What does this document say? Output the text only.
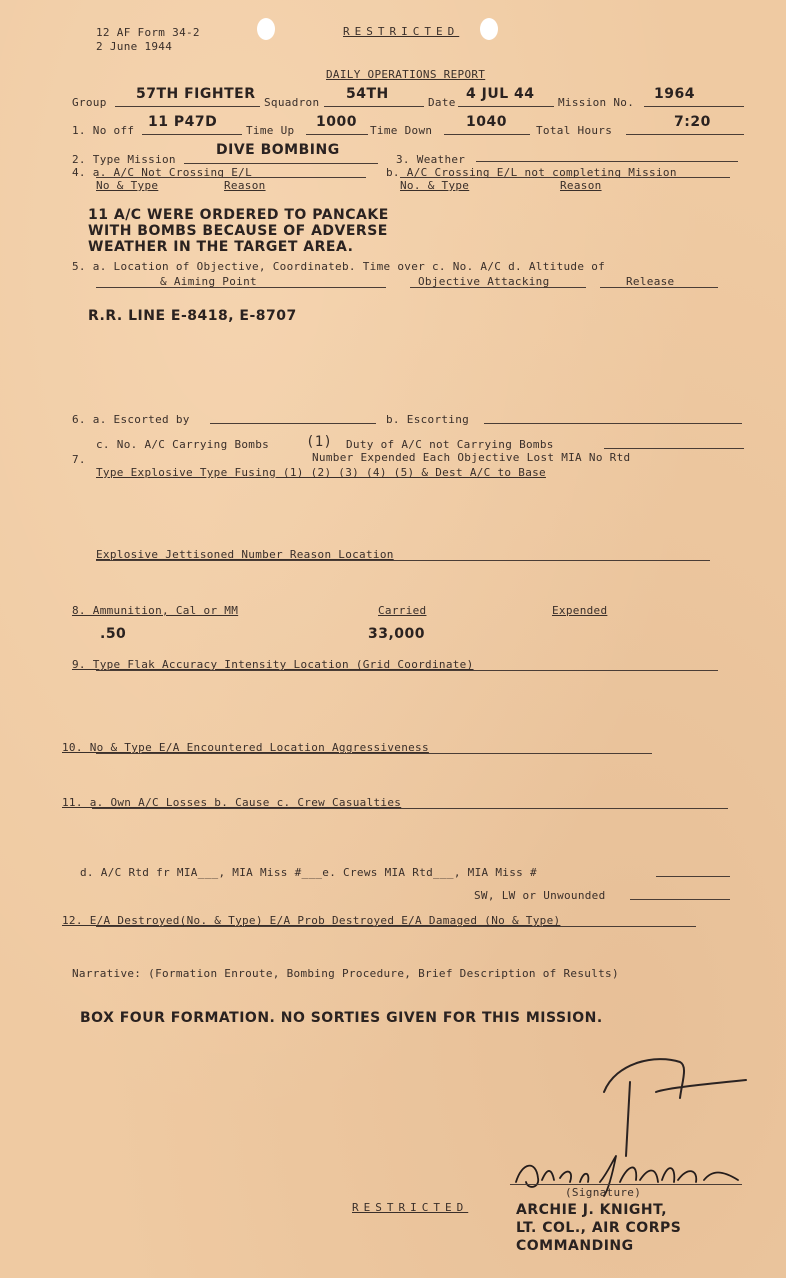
12 AF Form 34-2
2 June 1944
RESTRICTED
DAILY OPERATIONS REPORT
Group
57TH FIGHTER
Squadron
54TH
Date
4 JUL 44
Mission No.
1964
1. No off
11 P47D
Time Up
1000
Time Down
1040
Total Hours
7:20
2. Type Mission
DIVE BOMBING
3. Weather
4. a. A/C Not Crossing E/L	b. A/C Crossing E/L not completing Mission
No & Type	Reason	No. & Type	Reason
11 A/C WERE ORDERED TO PANCAKE
WITH BOMBS BECAUSE OF ADVERSE
WEATHER IN THE TARGET AREA.
5. a. Location of Objective, Coordinateb. Time over c. No. A/C d. Altitude of
& Aiming Point	Objective Attacking	Release
R.R. LINE E-8418, E-8707
6. a. Escorted by	b. Escorting
c. No. A/C Carrying Bombs	(1) Duty of A/C not Carrying Bombs
7.	Number Expended Each Objective Lost MIA No Rtd
Type Explosive Type Fusing (1) (2) (3) (4) (5) & Dest A/C to Base
Explosive Jettisoned Number Reason Location
8. Ammunition, Cal or MM	Carried	Expended
.50	33,000
9. Type Flak Accuracy Intensity Location (Grid Coordinate)
10. No & Type E/A Encountered Location Aggressiveness
11. a. Own A/C Losses b. Cause c. Crew Casualties
d. A/C Rtd fr MIA___, MIA Miss #___e. Crews MIA Rtd___, MIA Miss #
SW, LW or Unwounded
12. E/A Destroyed(No. & Type) E/A Prob Destroyed E/A Damaged (No & Type)
Narrative: (Formation Enroute, Bombing Procedure, Brief Description of Results)
BOX FOUR FORMATION. NO SORTIES GIVEN FOR THIS MISSION.
(Signature)
RESTRICTED	ARCHIE J. KNIGHT,
LT. COL., AIR CORPS
COMMANDING
